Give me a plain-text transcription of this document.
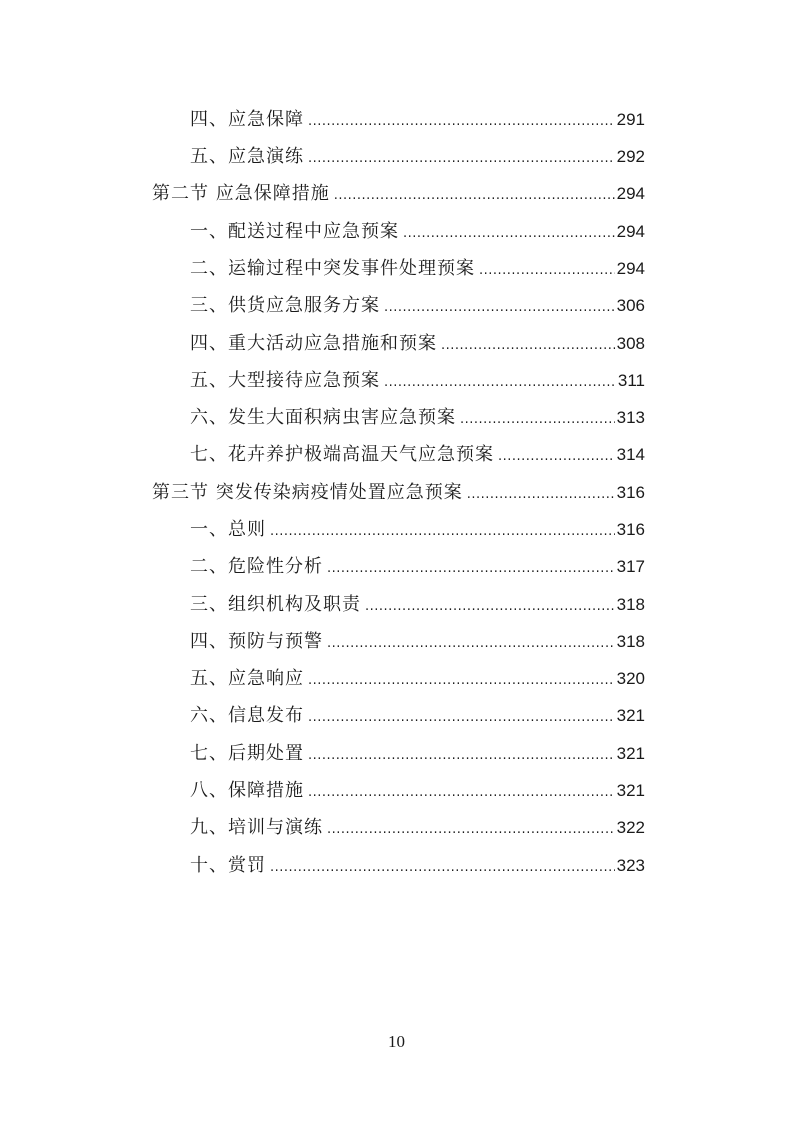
四、应急保障 .....	291
五、应急演练 .....	292
第二节 应急保障措施 .....	294
一、配送过程中应急预案 .....	294
二、运输过程中突发事件处理预案 .....	294
三、供货应急服务方案 .....	306
四、重大活动应急措施和预案 .....	308
五、大型接待应急预案 .....	311
六、发生大面积病虫害应急预案 .....	313
七、花卉养护极端高温天气应急预案 .....	314
第三节 突发传染病疫情处置应急预案 .....	316
一、总则 .....	316
二、危险性分析 .....	317
三、组织机构及职责 .....	318
四、预防与预警 .....	318
五、应急响应 .....	320
六、信息发布 .....	321
七、后期处置 .....	321
八、保障措施 .....	321
九、培训与演练 .....	322
十、赏罚 .....	323
10
